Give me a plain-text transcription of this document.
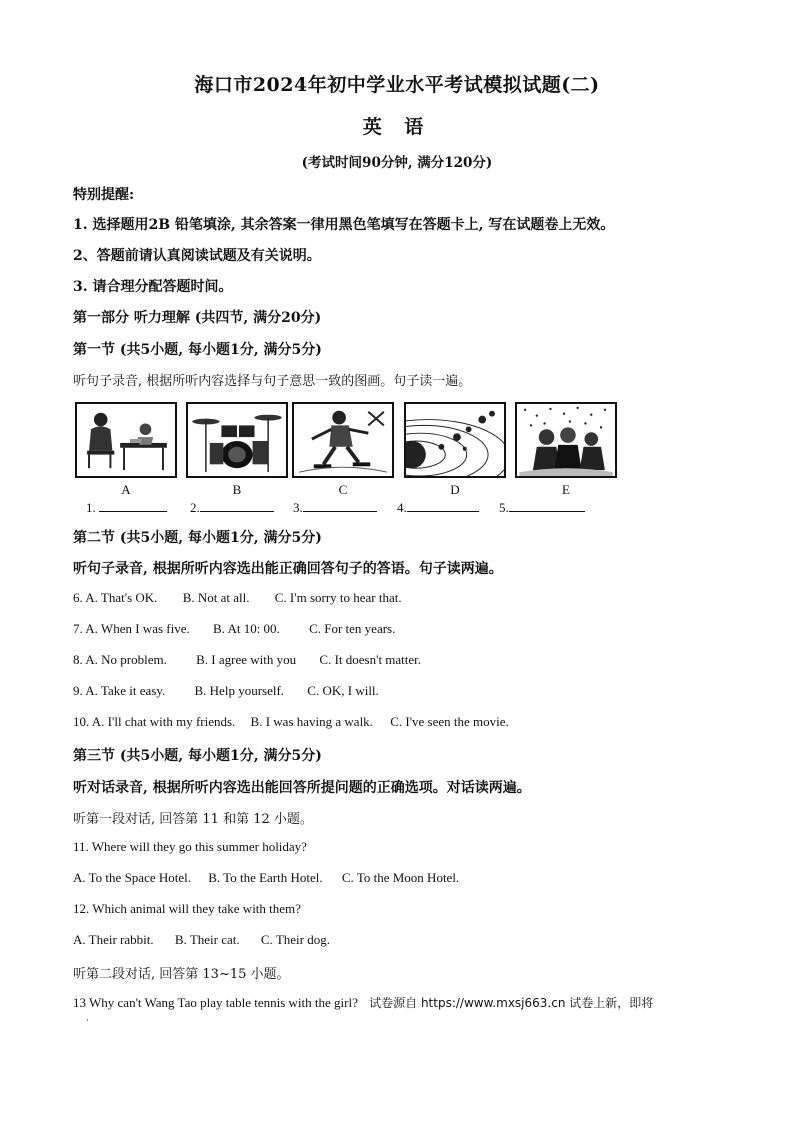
海口市2024年初中学业水平考试模拟试题(二)
英 语
(考试时间90分钟, 满分120分)
特别提醒:
1. 选择题用2B 铅笔填涂, 其余答案一律用黑色笔填写在答题卡上, 写在试题卷上无效。
2、答题前请认真阅读试题及有关说明。
3. 请合理分配答题时间。
第一部分 听力理解 (共四节, 满分20分)
第一节 (共5小题, 每小题1分, 满分5分)
听句子录音, 根据所听内容选择与句子意思一致的图画。句子读一遍。
A	B	C	D	E
1.	2.	3.	4.	5.
第二节 (共5小题, 每小题1分, 满分5分)
听句子录音, 根据所听内容选出能正确回答句子的答语。句子读两遍。
6. A. That's OK. B. Not at all. C. I'm sorry to hear that.
7. A. When I was five. B. At 10: 00. C. For ten years.
8. A. No problem. B. I agree with you C. It doesn't matter.
9. A. Take it easy. B. Help yourself. C. OK, I will.
10. A. I'll chat with my friends. B. I was having a walk. C. I've seen the movie.
第三节 (共5小题, 每小题1分, 满分5分)
听对话录音, 根据所听内容选出能回答所提问题的正确选项。对话读两遍。
听第一段对话, 回答第 11 和第 12 小题。
11. Where will they go this summer holiday?
A. To the Space Hotel. B. To the Earth Hotel. C. To the Moon Hotel.
12. Which animal will they take with them?
A. Their rabbit. B. Their cat. C. Their dog.
听第二段对话, 回答第 13~15 小题。
13 Why can't Wang Tao play table tennis with the girl? 试卷源自 https://www.mxsj663.cn 试卷上新，即将
·
